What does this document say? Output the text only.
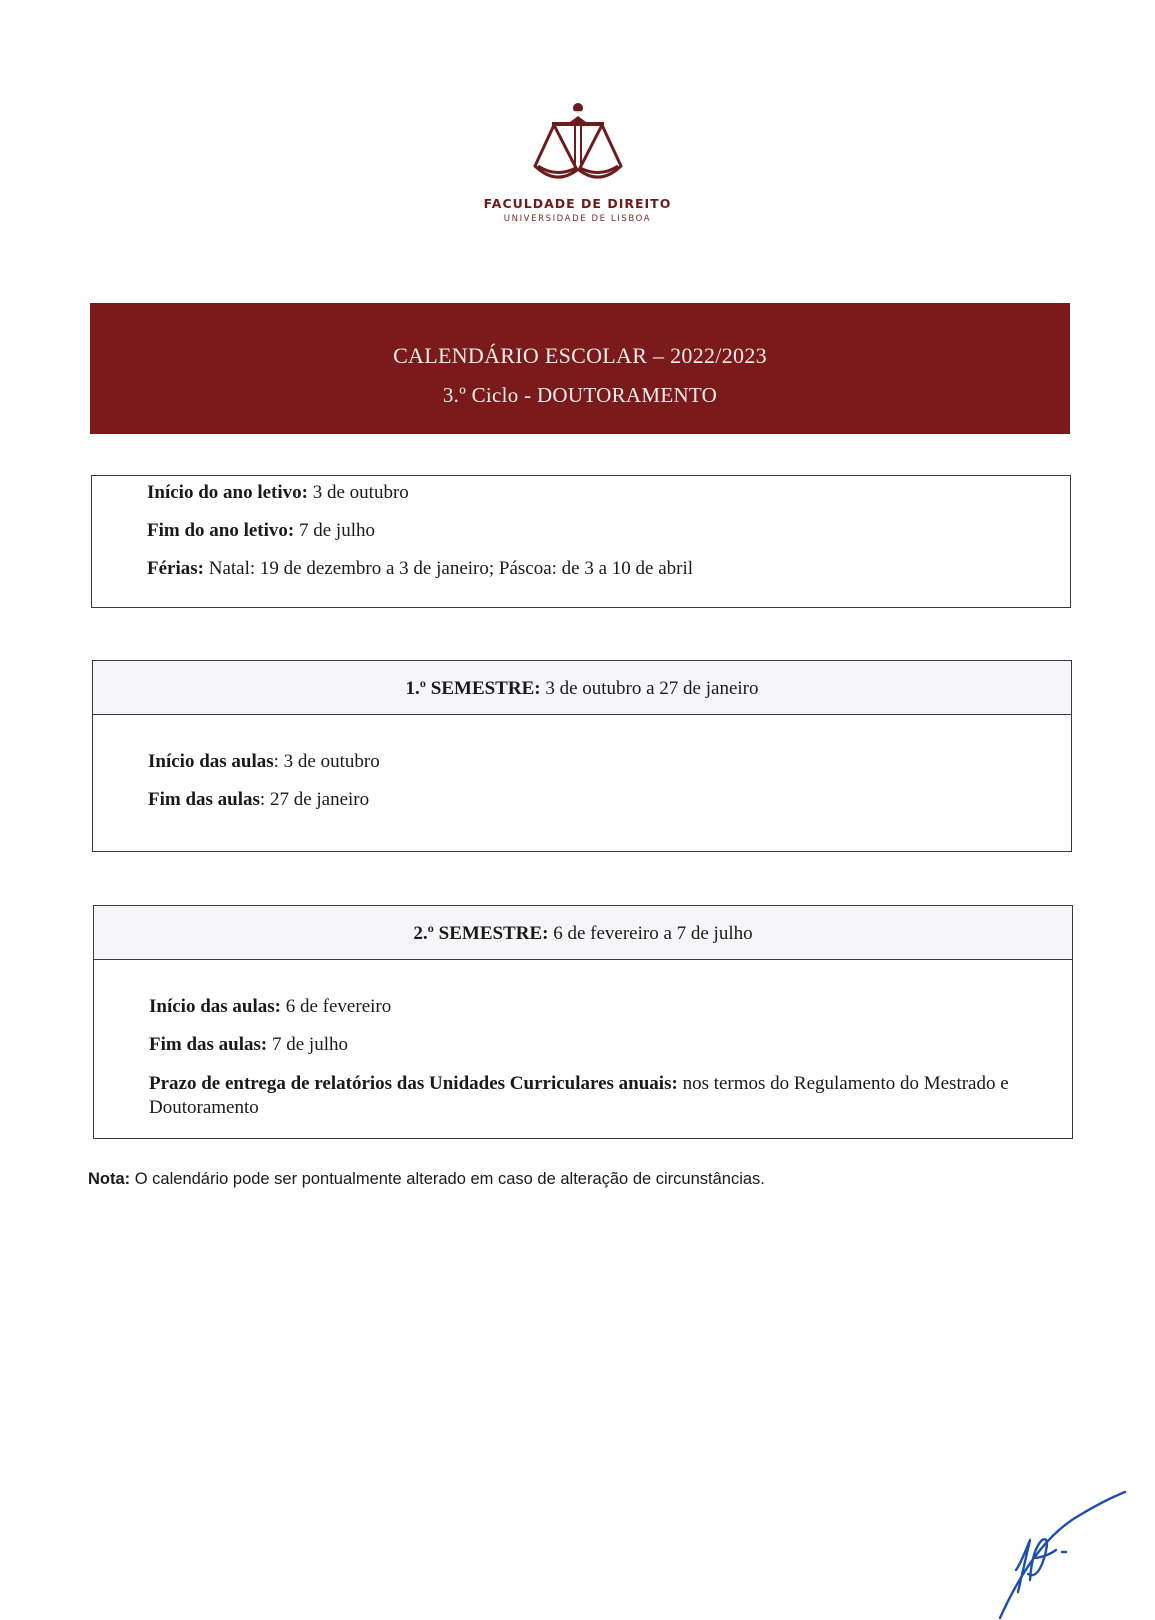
FACULDADE DE DIREITO
UNIVERSIDADE DE LISBOA
CALENDÁRIO ESCOLAR – 2022/2023
3.º Ciclo - DOUTORAMENTO
Início do ano letivo: 3 de outubro
Fim do ano letivo: 7 de julho
Férias: Natal: 19 de dezembro a 3 de janeiro; Páscoa: de 3 a 10 de abril
1.º SEMESTRE: 3 de outubro a 27 de janeiro
Início das aulas: 3 de outubro
Fim das aulas: 27 de janeiro
2.º SEMESTRE: 6 de fevereiro a 7 de julho
Início das aulas: 6 de fevereiro
Fim das aulas: 7 de julho
Prazo de entrega de relatórios das Unidades Curriculares anuais: nos termos do Regulamento do Mestrado e Doutoramento
Nota: O calendário pode ser pontualmente alterado em caso de alteração de circunstâncias.
